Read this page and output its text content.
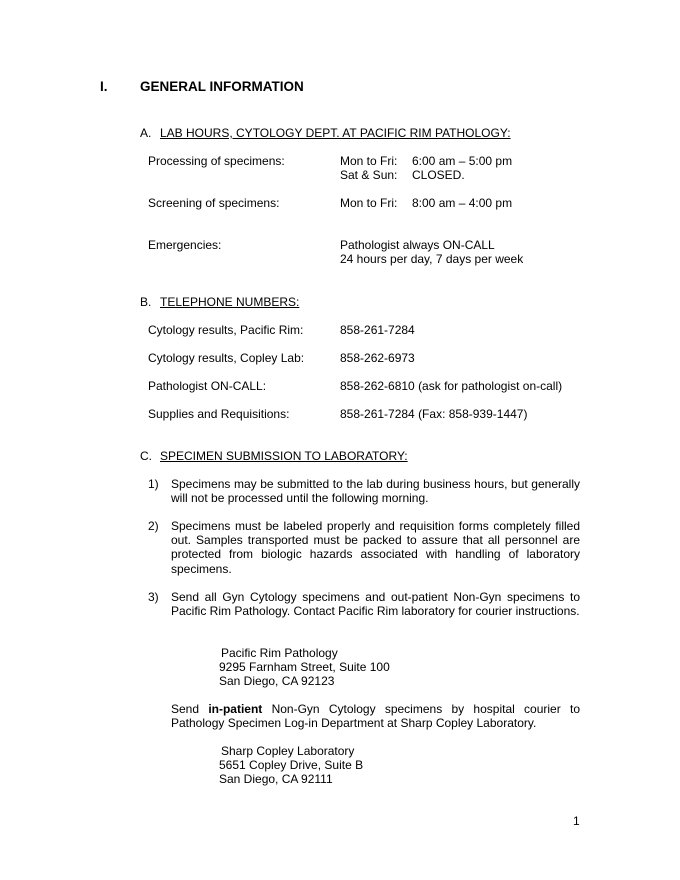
I. GENERAL INFORMATION
A. LAB HOURS, CYTOLOGY DEPT. AT PACIFIC RIM PATHOLOGY:
Processing of specimens:	Mon to Fri: 6:00 am – 5:00 pm
Sat & Sun: CLOSED.
Screening of specimens:	Mon to Fri: 8:00 am – 4:00 pm
Emergencies:	Pathologist always ON-CALL
24 hours per day, 7 days per week
B. TELEPHONE NUMBERS:
Cytology results, Pacific Rim:	858-261-7284
Cytology results, Copley Lab:	858-262-6973
Pathologist ON-CALL:	858-262-6810 (ask for pathologist on-call)
Supplies and Requisitions:	858-261-7284 (Fax: 858-939-1447)
C. SPECIMEN SUBMISSION TO LABORATORY:
1) Specimens may be submitted to the lab during business hours, but generally will not be processed until the following morning.
2) Specimens must be labeled properly and requisition forms completely filled out. Samples transported must be packed to assure that all personnel are protected from biologic hazards associated with handling of laboratory specimens.
3) Send all Gyn Cytology specimens and out-patient Non-Gyn specimens to Pacific Rim Pathology. Contact Pacific Rim laboratory for courier instructions.
Pacific Rim Pathology
9295 Farnham Street, Suite 100
San Diego, CA 92123
Send in-patient Non-Gyn Cytology specimens by hospital courier to Pathology Specimen Log-in Department at Sharp Copley Laboratory.
Sharp Copley Laboratory
5651 Copley Drive, Suite B
San Diego, CA 92111
1
